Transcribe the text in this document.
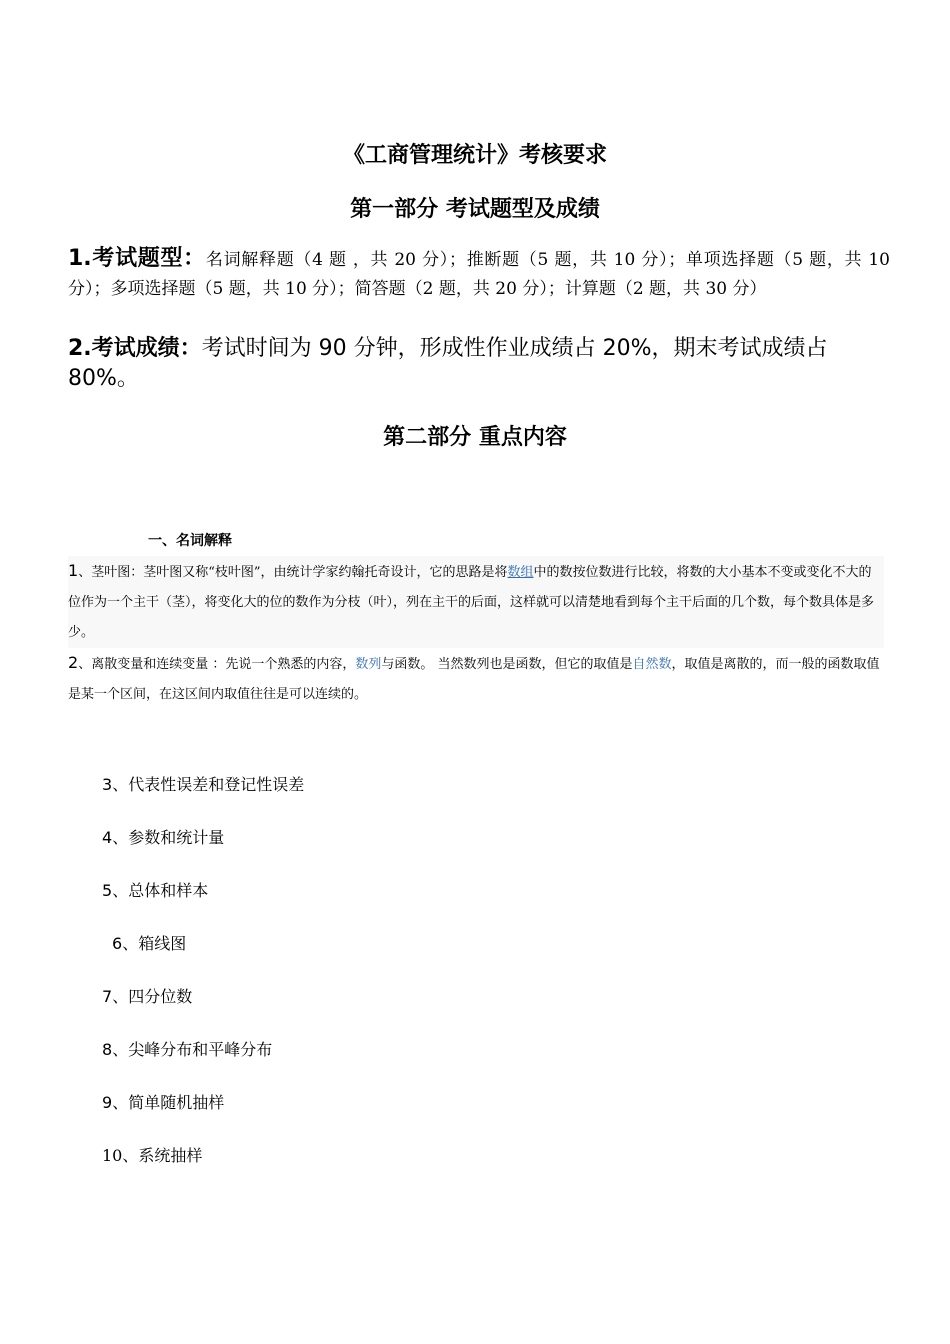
《工商管理统计》考核要求
第一部分 考试题型及成绩
1.考试题型：名词解释题（4 题 ，共 20 分）；推断题（5 题，共 10 分）；单项选择题（5 题，共 10 分）；多项选择题（5 题，共 10 分）；简答题（2 题，共 20 分）；计算题（2 题，共 30 分）
2.考试成绩：考试时间为 90 分钟，形成性作业成绩占 20%，期末考试成绩占 80%。
第二部分 重点内容
一、名词解释
1、茎叶图：茎叶图又称“枝叶图”，由统计学家约翰托奇设计，它的思路是将数组中的数按位数进行比较，将数的大小基本不变或变化不大的位作为一个主干（茎），将变化大的位的数作为分枝（叶），列在主干的后面，这样就可以清楚地看到每个主干后面的几个数，每个数具体是多少。
2、离散变量和连续变量 ：先说一个熟悉的内容，数列与函数。 当然数列也是函数，但它的取值是自然数，取值是离散的，而一般的函数取值是某一个区间，在这区间内取值往往是可以连续的。
3、代表性误差和登记性误差
4、参数和统计量
5、总体和样本
6、箱线图
7、四分位数
8、尖峰分布和平峰分布
9、简单随机抽样
10、系统抽样
